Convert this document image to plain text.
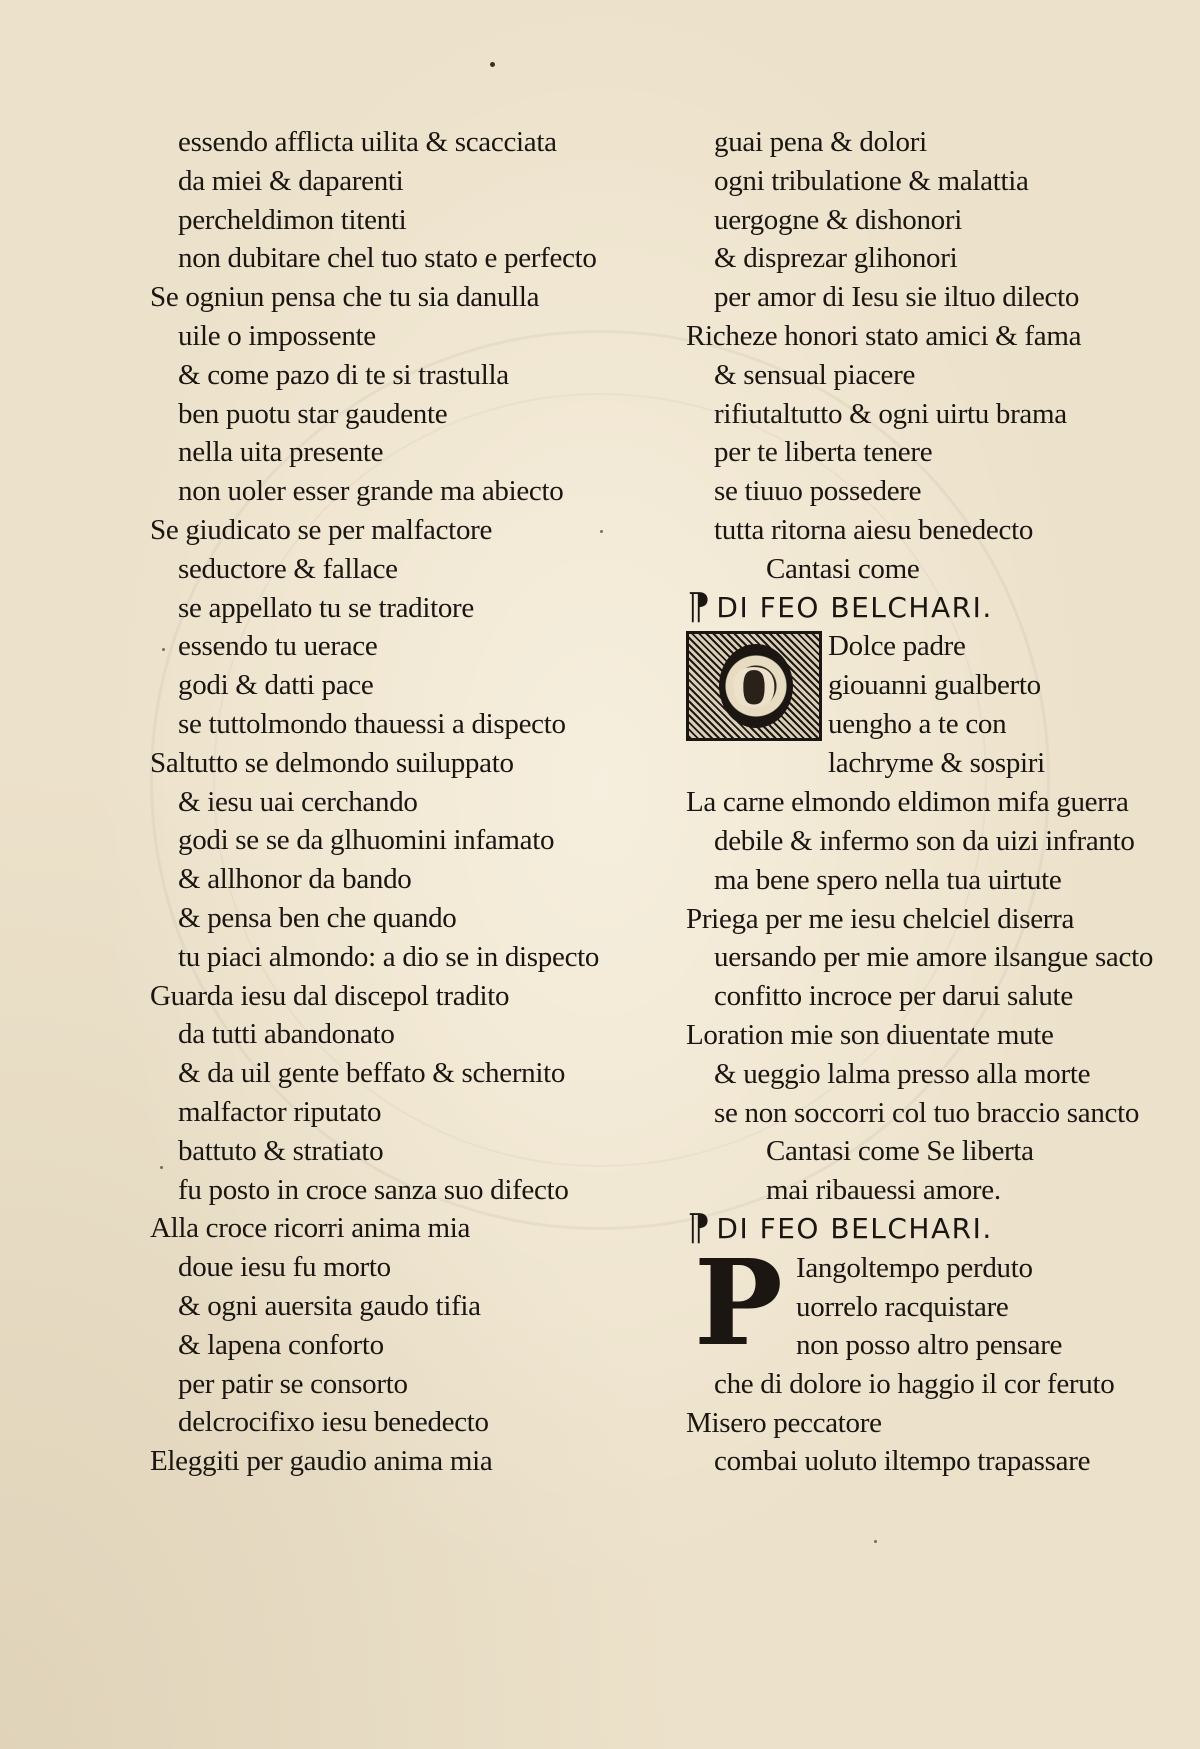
essendo afflicta uilita & scacciata
da miei & daparenti
percheldimon titenti
non dubitare chel tuo stato e perfecto
Se ogniun pensa che tu sia danulla
uile o impossente
& come pazo di te si trastulla
ben puotu star gaudente
nella uita presente
non uoler esser grande ma abiecto
Se giudicato se per malfactore
seductore & fallace
se appellato tu se traditore
essendo tu uerace
godi & datti pace
se tuttolmondo thauessi a dispecto
Saltutto se delmondo suiluppato
& iesu uai cerchando
godi se se da glhuomini infamato
& allhonor da bando
& pensa ben che quando
tu piaci almondo: a dio se in dispecto
Guarda iesu dal discepol tradito
da tutti abandonato
& da uil gente beffato & schernito
malfactor riputato
battuto & stratiato
fu posto in croce sanza suo difecto
Alla croce ricorri anima mia
doue iesu fu morto
& ogni auersita gaudo tifia
& lapena conforto
per patir se consorto
delcrocifixo iesu benedecto
Eleggiti per gaudio anima mia
guai pena & dolori
ogni tribulatione & malattia
uergogne & dishonori
& disprezar glihonori
per amor di Iesu sie iltuo dilecto
Richeze honori stato amici & fama
& sensual piacere
rifiutaltutto & ogni uirtu brama
per te liberta tenere
se tiuuo possedere
tutta ritorna aiesu benedecto
Cantasi come
¶ DI FEO BELCHARI.
O
Dolce padre
giouanni gualberto
uengho a te con
lachryme & sospiri
La carne elmondo eldimon mifa guerra
debile & infermo son da uizi infranto
ma bene spero nella tua uirtute
Priega per me iesu chelciel diserra
uersando per mie amore ilsangue sacto
confitto incroce per darui salute
Loration mie son diuentate mute
& ueggio lalma presso alla morte
se non soccorri col tuo braccio sancto
Cantasi come Se liberta
mai ribauessi amore.
¶ DI FEO BELCHARI.
P Iangoltempo perduto
uorrelo racquistare
non posso altro pensare
che di dolore io haggio il cor feruto
Misero peccatore
combai uoluto iltempo trapassare
